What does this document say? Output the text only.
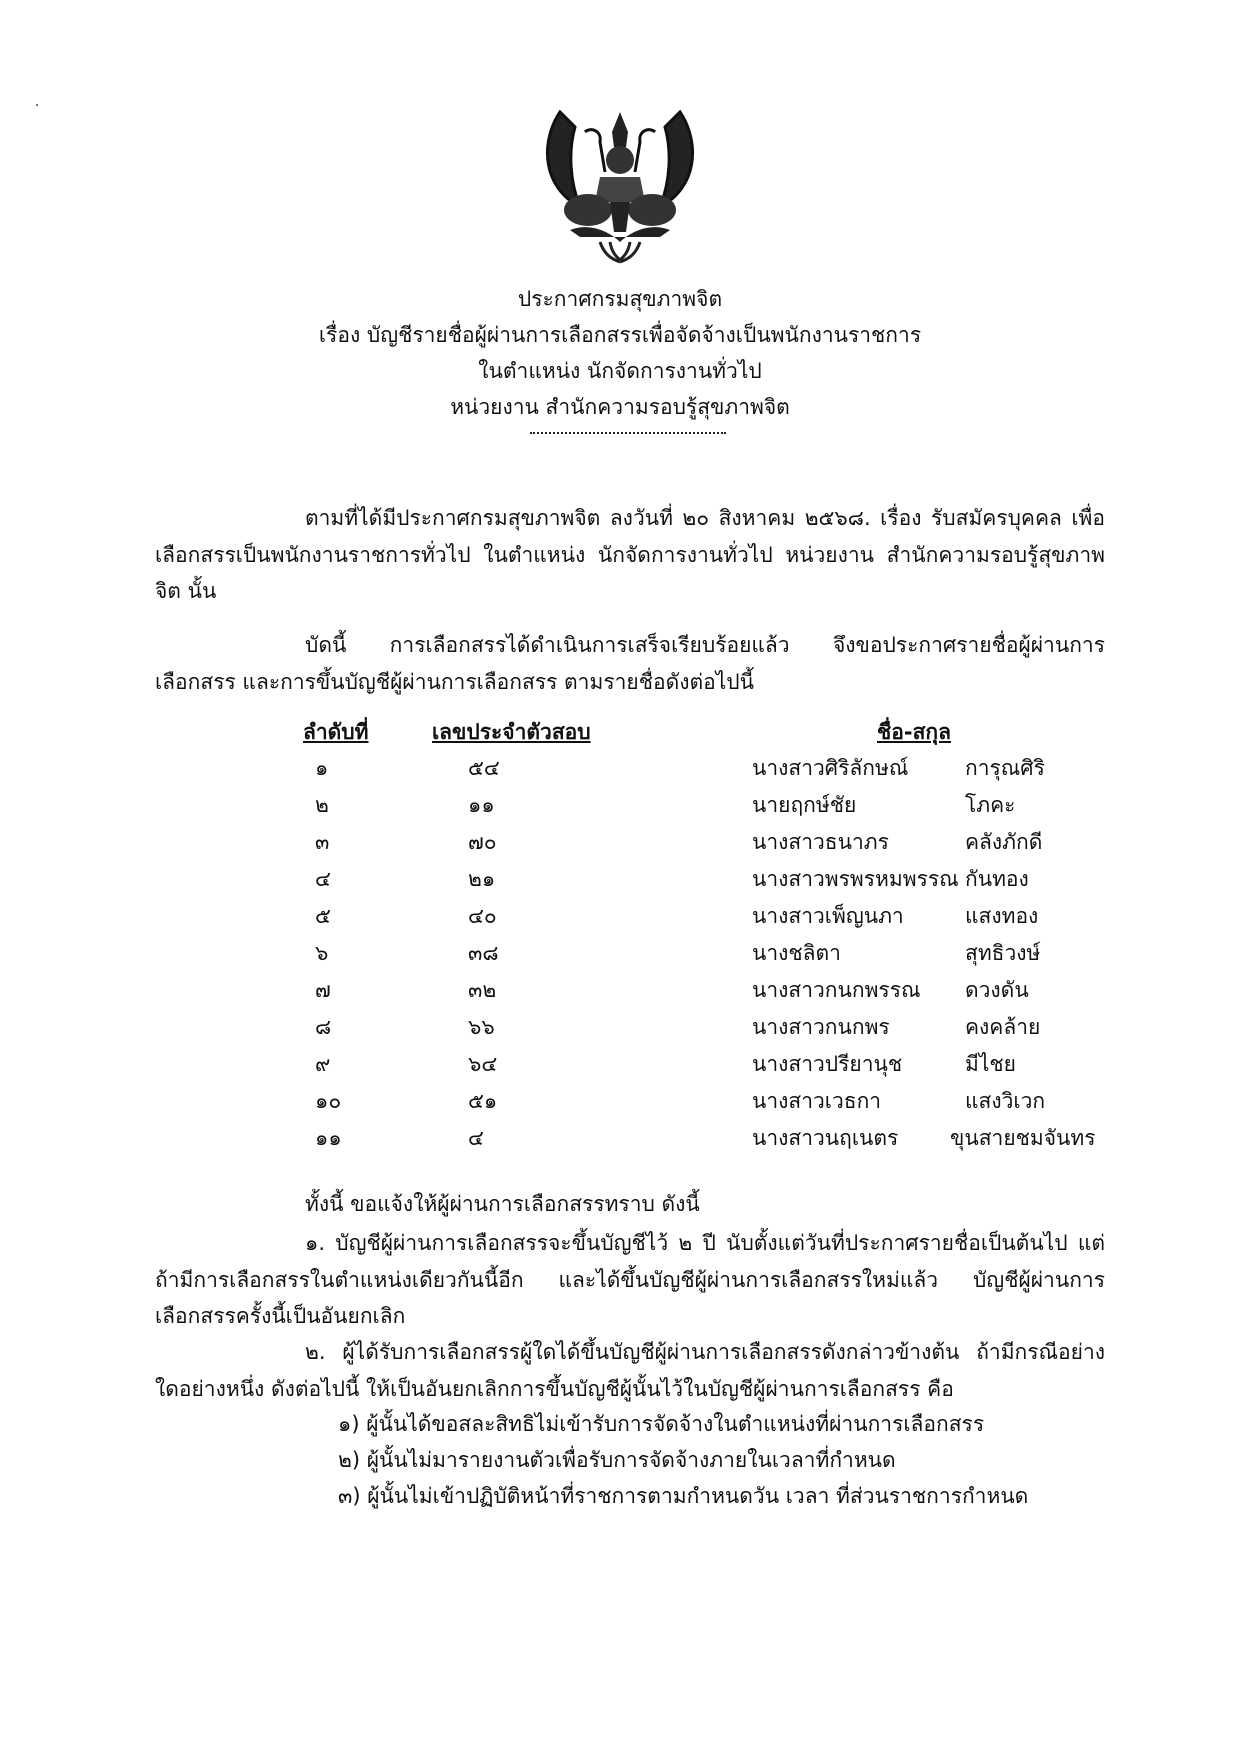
ประกาศกรมสุขภาพจิต
เรื่อง บัญชีรายชื่อผู้ผ่านการเลือกสรรเพื่อจัดจ้างเป็นพนักงานราชการ
ในตำแหน่ง นักจัดการงานทั่วไป
หน่วยงาน สำนักความรอบรู้สุขภาพจิต
ตามที่ได้มีประกาศกรมสุขภาพจิต ลงวันที่ ๒๐ สิงหาคม ๒๕๖๘. เรื่อง รับสมัครบุคคล เพื่อเลือกสรรเป็นพนักงานราชการทั่วไป ในตำแหน่ง นักจัดการงานทั่วไป หน่วยงาน สำนักความรอบรู้สุขภาพจิต นั้น
บัดนี้ การเลือกสรรได้ดำเนินการเสร็จเรียบร้อยแล้ว จึงขอประกาศรายชื่อผู้ผ่านการเลือกสรร และการขึ้นบัญชีผู้ผ่านการเลือกสรร ตามรายชื่อดังต่อไปนี้
ลำดับที่	เลขประจำตัวสอบ	ชื่อ-สกุล
๑	๕๔	นางสาวศิริลักษณ์	การุณศิริ
๒	๑๑	นายฤกษ์ชัย	โภคะ
๓	๗๐	นางสาวธนาภร	คลังภักดี
๔	๒๑	นางสาวพรพรหมพรรณ กันทอง
๕	๔๐	นางสาวเพ็ญนภา	แสงทอง
๖	๓๘	นางชลิตา	สุทธิวงษ์
๗	๓๒	นางสาวกนกพรรณ ดวงดัน
๘	๖๖	นางสาวกนกพร	คงคล้าย
๙	๖๔	นางสาวปรียานุช	มีไชย
๑๐	๕๑	นางสาวเวธกา	แสงวิเวก
๑๑	๔	นางสาวนฤเนตร ขุนสายชมจันทร
ทั้งนี้ ขอแจ้งให้ผู้ผ่านการเลือกสรรทราบ ดังนี้
๑. บัญชีผู้ผ่านการเลือกสรรจะขึ้นบัญชีไว้ ๒ ปี นับตั้งแต่วันที่ประกาศรายชื่อเป็นต้นไป แต่ถ้ามีการเลือกสรรในตำแหน่งเดียวกันนี้อีก และได้ขึ้นบัญชีผู้ผ่านการเลือกสรรใหม่แล้ว บัญชีผู้ผ่านการเลือกสรรครั้งนี้เป็นอันยกเลิก
๒. ผู้ได้รับการเลือกสรรผู้ใดได้ขึ้นบัญชีผู้ผ่านการเลือกสรรดังกล่าวข้างต้น ถ้ามีกรณีอย่างใดอย่างหนึ่ง ดังต่อไปนี้ ให้เป็นอันยกเลิกการขึ้นบัญชีผู้นั้นไว้ในบัญชีผู้ผ่านการเลือกสรร คือ
๑) ผู้นั้นได้ขอสละสิทธิไม่เข้ารับการจัดจ้างในตำแหน่งที่ผ่านการเลือกสรร
๒) ผู้นั้นไม่มารายงานตัวเพื่อรับการจัดจ้างภายในเวลาที่กำหนด
๓) ผู้นั้นไม่เข้าปฏิบัติหน้าที่ราชการตามกำหนดวัน เวลา ที่ส่วนราชการกำหนด
